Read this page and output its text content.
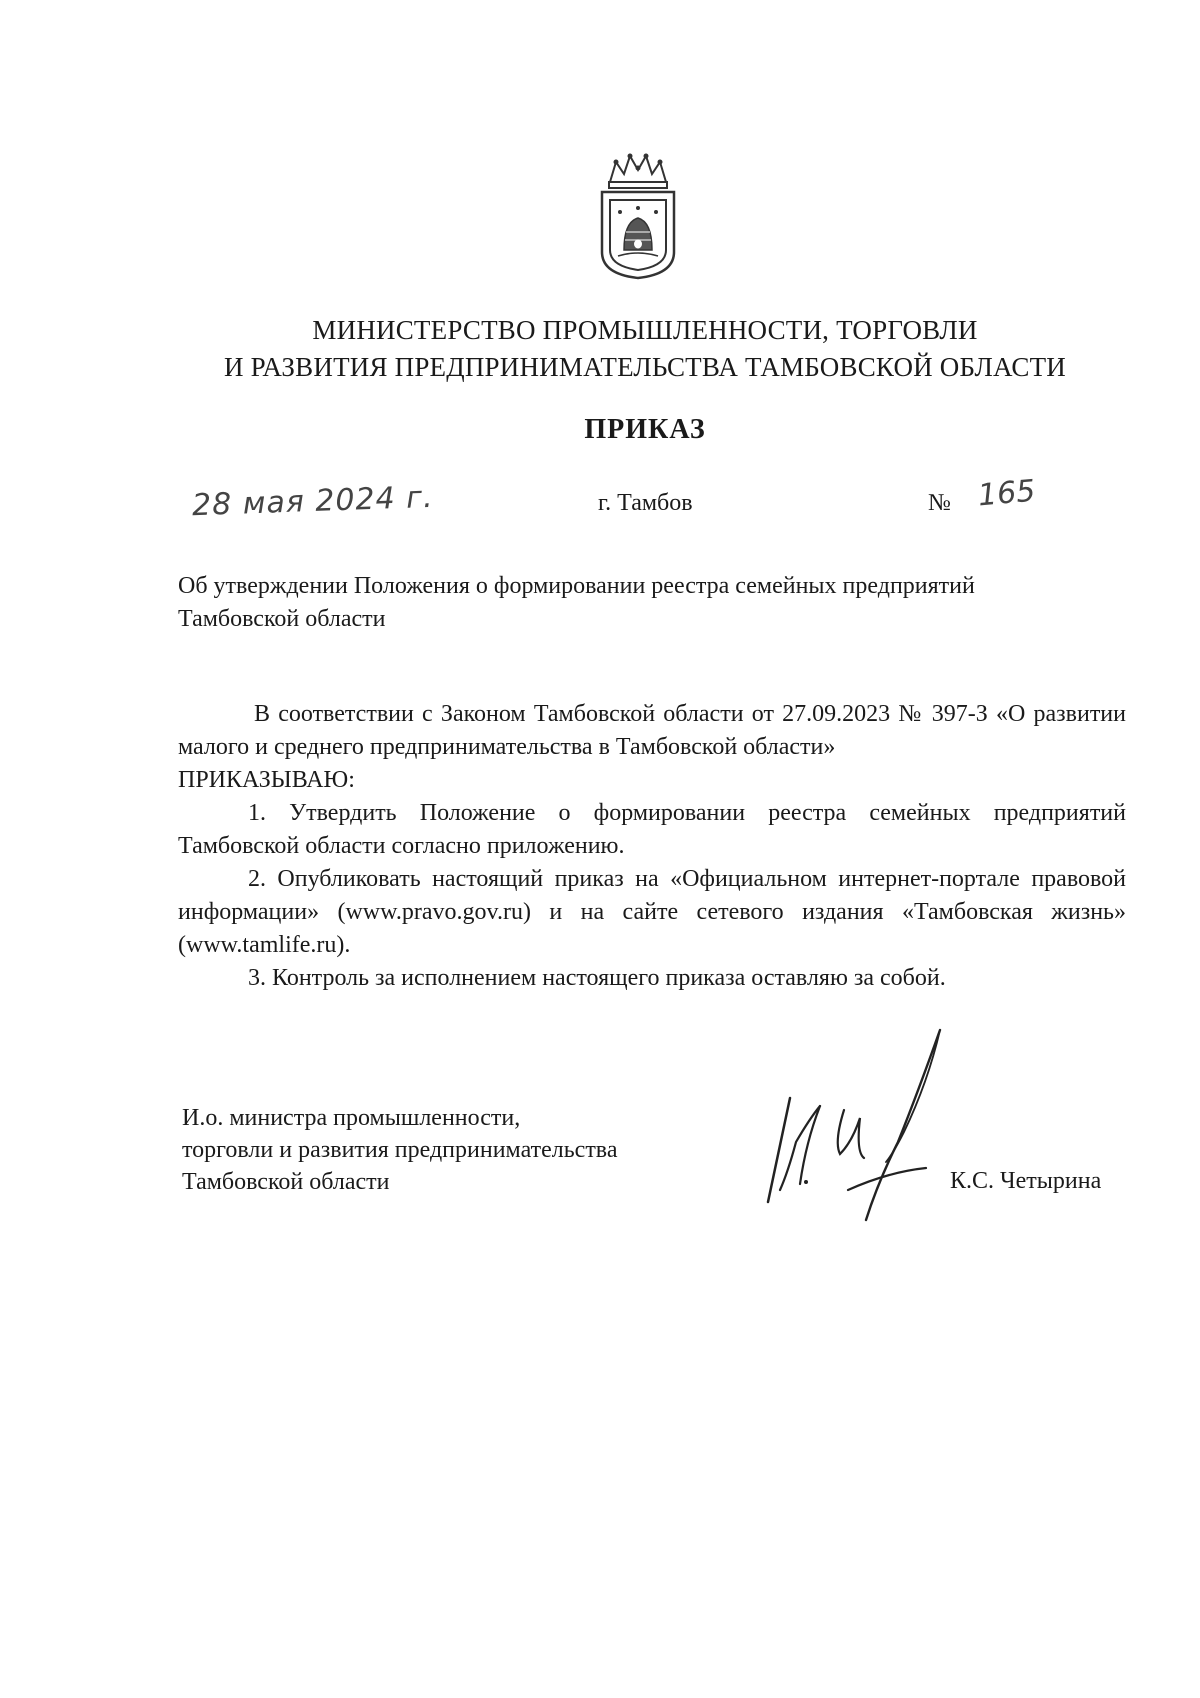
МИНИСТЕРСТВО ПРОМЫШЛЕННОСТИ, ТОРГОВЛИ
И РАЗВИТИЯ ПРЕДПРИНИМАТЕЛЬСТВА ТАМБОВСКОЙ ОБЛАСТИ
ПРИКАЗ
28 мая 2024 г.	г. Тамбов	№ 165
Об утверждении Положения о формировании реестра семейных предприятий
Тамбовской области

В соответствии с Законом Тамбовской области от 27.09.2023 № 397-З «О развитии малого и среднего предпринимательства в Тамбовской области»

ПРИКАЗЫВАЮ:

1. Утвердить Положение о формировании реестра семейных предприятий Тамбовской области согласно приложению.

2. Опубликовать настоящий приказ на «Официальном интернет-портале правовой информации» (www.pravo.gov.ru) и на сайте сетевого издания «Тамбовская жизнь» (www.tamlife.ru).

3. Контроль за исполнением настоящего приказа оставляю за собой.

И.о. министра промышленности,
торговли и развития предпринимательства
Тамбовской области	К.С. Четырина
